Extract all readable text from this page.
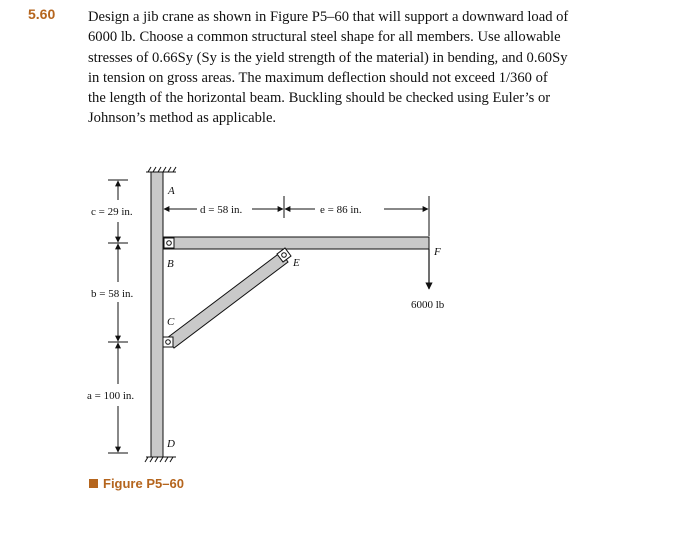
5.60 Design a jib crane as shown in Figure P5–60 that will support a downward load of
6000 lb. Choose a common structural steel shape for all members. Use allowable
stresses of 0.66Sy (Sy is the yield strength of the material) in bending, and 0.60Sy
in tension on gross areas. The maximum deflection should not exceed 1/360 of
the length of the horizontal beam. Buckling should be checked using Euler’s or
Johnson’s method as applicable.
A
B
C
D
E
F
6000 lb
c = 29 in.
b = 58 in.
a = 100 in.
d = 58 in.	e = 86 in.
Figure P5–60
